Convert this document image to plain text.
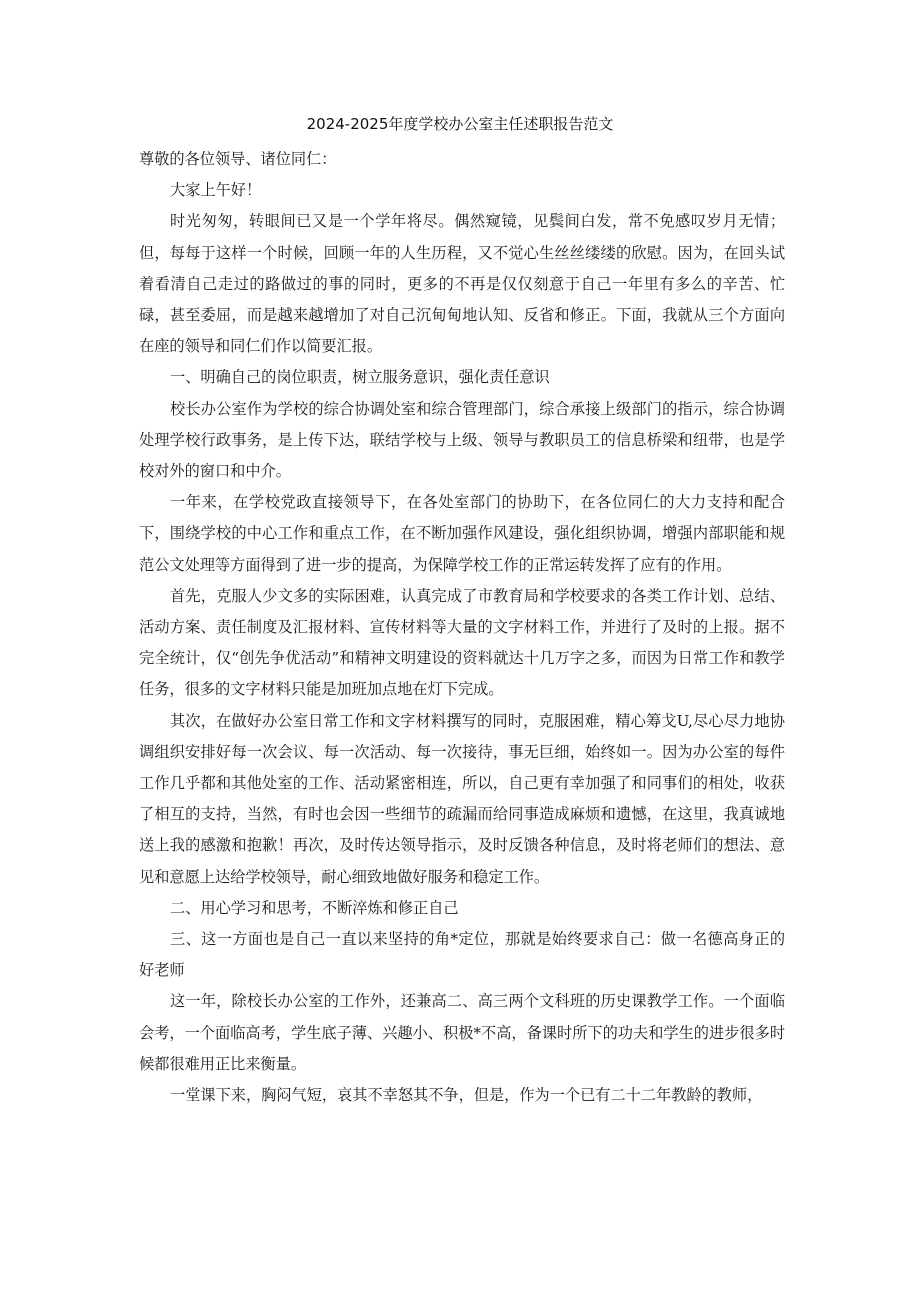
2024-2025年度学校办公室主任述职报告范文

尊敬的各位领导、诸位同仁：

大家上午好！

时光匆匆，转眼间已又是一个学年将尽。偶然窥镜，见鬓间白发，常不免感叹岁月无情；但，每每于这样一个时候，回顾一年的人生历程，又不觉心生丝丝缕缕的欣慰。因为，在回头试着看清自己走过的路做过的事的同时，更多的不再是仅仅刻意于自己一年里有多么的辛苦、忙碌，甚至委屈，而是越来越增加了对自己沉甸甸地认知、反省和修正。下面，我就从三个方面向在座的领导和同仁们作以简要汇报。

一、明确自己的岗位职责，树立服务意识，强化责任意识

校长办公室作为学校的综合协调处室和综合管理部门，综合承接上级部门的指示，综合协调处理学校行政事务，是上传下达，联结学校与上级、领导与教职员工的信息桥梁和纽带，也是学校对外的窗口和中介。

一年来，在学校党政直接领导下，在各处室部门的协助下，在各位同仁的大力支持和配合下，围绕学校的中心工作和重点工作，在不断加强作风建设，强化组织协调，增强内部职能和规范公文处理等方面得到了进一步的提高，为保障学校工作的正常运转发挥了应有的作用。

首先，克服人少文多的实际困难，认真完成了市教育局和学校要求的各类工作计划、总结、活动方案、责任制度及汇报材料、宣传材料等大量的文字材料工作，并进行了及时的上报。据不完全统计，仅“创先争优活动”和精神文明建设的资料就达十几万字之多，而因为日常工作和教学任务，很多的文字材料只能是加班加点地在灯下完成。

其次，在做好办公室日常工作和文字材料撰写的同时，克服困难，精心筹戈U,尽心尽力地协调组织安排好每一次会议、每一次活动、每一次接待，事无巨细，始终如一。因为办公室的每件工作几乎都和其他处室的工作、活动紧密相连，所以，自己更有幸加强了和同事们的相处，收获了相互的支持，当然，有时也会因一些细节的疏漏而给同事造成麻烦和遗憾，在这里，我真诚地送上我的感激和抱歉！再次，及时传达领导指示，及时反馈各种信息，及时将老师们的想法、意见和意愿上达给学校领导，耐心细致地做好服务和稳定工作。

二、用心学习和思考，不断淬炼和修正自己

三、这一方面也是自己一直以来坚持的角*定位，那就是始终要求自己：做一名德高身正的好老师

这一年，除校长办公室的工作外，还兼高二、高三两个文科班的历史课教学工作。一个面临会考，一个面临高考，学生底子薄、兴趣小、积极*不高，备课时所下的功夫和学生的进步很多时候都很难用正比来衡量。

一堂课下来，胸闷气短，哀其不幸怒其不争，但是，作为一个已有二十二年教龄的教师，
